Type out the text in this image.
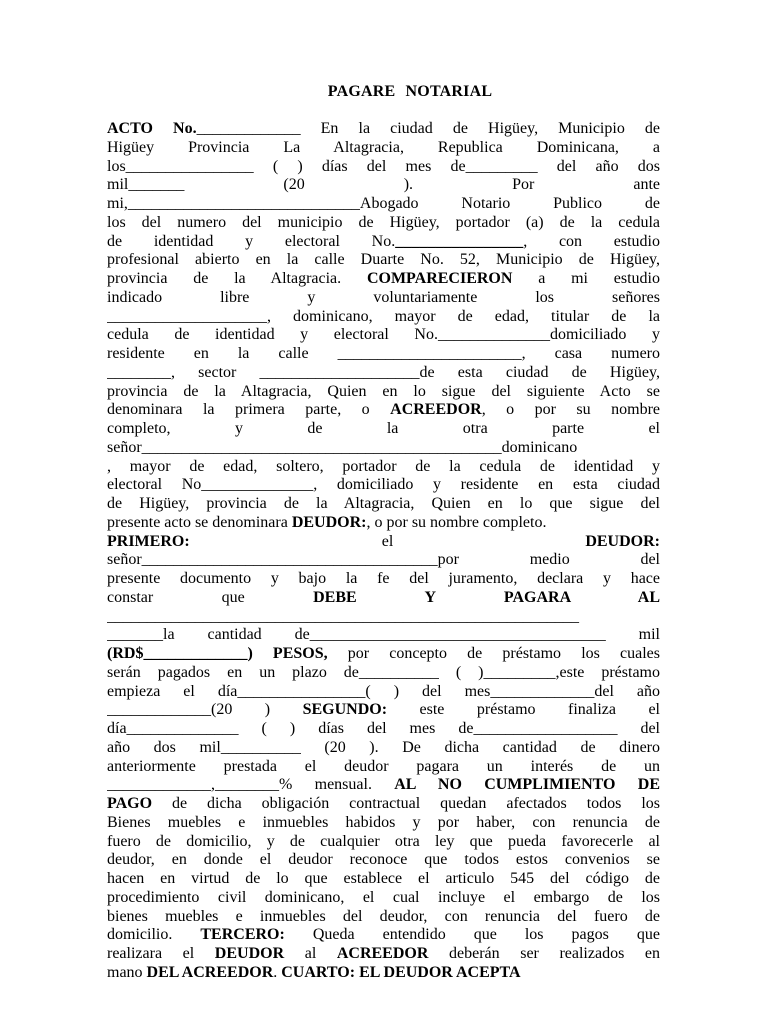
PAGARE NOTARIAL
ACTO No._____________ En la ciudad de Higüey, Municipio de
Higüey Provincia La Altagracia, Republica Dominicana, a
los________________ ( ) días del mes de_________ del año dos
mil_______ (20 ). Por ante
mi,_____________________________Abogado Notario Publico de
los del numero del municipio de Higüey, portador (a) de la cedula
de identidad y electoral No.________________, con estudio
profesional abierto en la calle Duarte No. 52, Municipio de Higüey,
provincia de la Altagracia. COMPARECIERON a mi estudio
indicado libre y voluntariamente los señores
____________________, dominicano, mayor de edad, titular de la
cedula de identidad y electoral No.______________domiciliado y
residente en la calle _______________________, casa numero
________, sector ____________________de esta ciudad de Higüey,
provincia de la Altagracia, Quien en lo sigue del siguiente Acto se
denominara la primera parte, o ACREEDOR, o por su nombre
completo, y de la otra parte el
señor_____________________________________________dominicano
, mayor de edad, soltero, portador de la cedula de identidad y
electoral No______________, domiciliado y residente en esta ciudad
de Higüey, provincia de la Altagracia, Quien en lo que sigue del
presente acto se denominara DEUDOR:, o por su nombre completo.
PRIMERO: el DEUDOR:
señor_____________________________________por medio del
presente documento y bajo la fe del juramento, declara y hace
constar que DEBE Y PAGARA AL
___________________________________________________________
_______la cantidad de_____________________________________ mil
(RD$_____________) PESOS, por concepto de préstamo los cuales
serán pagados en un plazo de__________ ( )_________,este préstamo
empieza el día________________( ) del mes_____________del año
_____________(20 ) SEGUNDO: este préstamo finaliza el
día______________ ( ) días del mes de__________________ del
año dos mil__________ (20 ). De dicha cantidad de dinero
anteriormente prestada el deudor pagara un interés de un
_____________,________% mensual. AL NO CUMPLIMIENTO DE
PAGO de dicha obligación contractual quedan afectados todos los
Bienes muebles e inmuebles habidos y por haber, con renuncia de
fuero de domicilio, y de cualquier otra ley que pueda favorecerle al
deudor, en donde el deudor reconoce que todos estos convenios se
hacen en virtud de lo que establece el articulo 545 del código de
procedimiento civil dominicano, el cual incluye el embargo de los
bienes muebles e inmuebles del deudor, con renuncia del fuero de
domicilio. TERCERO: Queda entendido que los pagos que
realizara el DEUDOR al ACREEDOR deberán ser realizados en
mano DEL ACREEDOR. CUARTO: EL DEUDOR ACEPTA
